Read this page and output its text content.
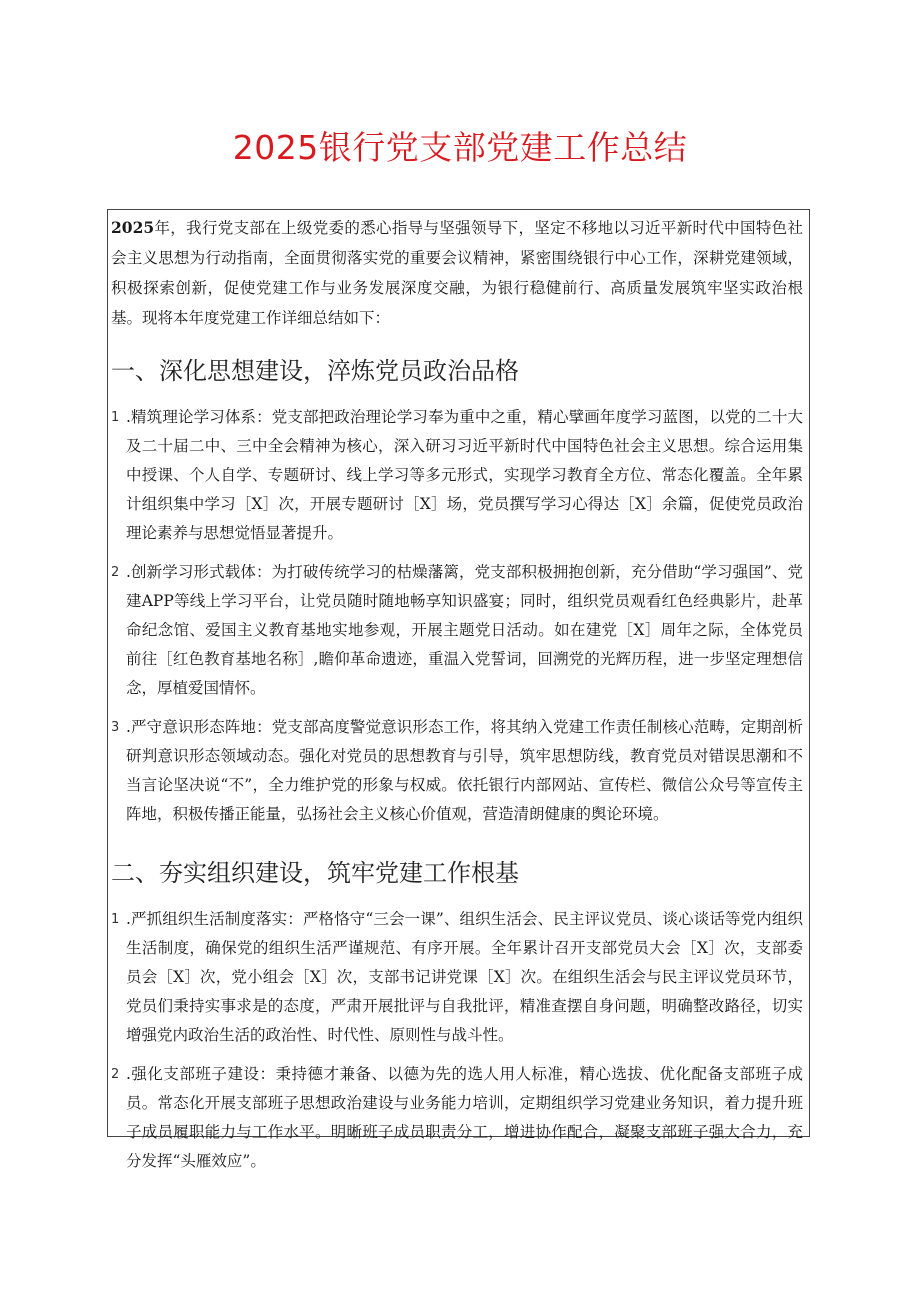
2025银行党支部党建工作总结

2025年，我行党支部在上级党委的悉心指导与坚强领导下，坚定不移地以习近平新时代中国特色社会主义思想为行动指南，全面贯彻落实党的重要会议精神，紧密围绕银行中心工作，深耕党建领域，积极探索创新，促使党建工作与业务发展深度交融，为银行稳健前行、高质量发展筑牢坚实政治根基。现将本年度党建工作详细总结如下：

一、深化思想建设，淬炼党员政治品格
1 .精筑理论学习体系：党支部把政治理论学习奉为重中之重，精心擘画年度学习蓝图，以党的二十大及二十届二中、三中全会精神为核心，深入研习习近平新时代中国特色社会主义思想。综合运用集中授课、个人自学、专题研讨、线上学习等多元形式，实现学习教育全方位、常态化覆盖。全年累计组织集中学习［X］次，开展专题研讨［X］场，党员撰写学习心得达［X］余篇，促使党员政治理论素养与思想觉悟显著提升。
2 .创新学习形式载体：为打破传统学习的枯燥藩篱，党支部积极拥抱创新，充分借助“学习强国”、党建APP等线上学习平台，让党员随时随地畅享知识盛宴；同时，组织党员观看红色经典影片，赴革命纪念馆、爱国主义教育基地实地参观，开展主题党日活动。如在建党［X］周年之际，全体党员前往［红色教育基地名称］,瞻仰革命遗迹，重温入党誓词，回溯党的光辉历程，进一步坚定理想信念，厚植爱国情怀。
3 .严守意识形态阵地：党支部高度警觉意识形态工作，将其纳入党建工作责任制核心范畴，定期剖析研判意识形态领域动态。强化对党员的思想教育与引导，筑牢思想防线，教育党员对错误思潮和不当言论坚决说“不”，全力维护党的形象与权威。依托银行内部网站、宣传栏、微信公众号等宣传主阵地，积极传播正能量，弘扬社会主义核心价值观，营造清朗健康的舆论环境。
二、夯实组织建设，筑牢党建工作根基
1 .严抓组织生活制度落实：严格恪守“三会一课”、组织生活会、民主评议党员、谈心谈话等党内组织生活制度，确保党的组织生活严谨规范、有序开展。全年累计召开支部党员大会［X］次，支部委员会［X］次，党小组会［X］次，支部书记讲党课［X］次。在组织生活会与民主评议党员环节，党员们秉持实事求是的态度，严肃开展批评与自我批评，精准查摆自身问题，明确整改路径，切实增强党内政治生活的政治性、时代性、原则性与战斗性。
2 .强化支部班子建设：秉持德才兼备、以德为先的选人用人标准，精心选拔、优化配备支部班子成员。常态化开展支部班子思想政治建设与业务能力培训，定期组织学习党建业务知识，着力提升班子成员履职能力与工作水平。明晰班子成员职责分工，增进协作配合，凝聚支部班子强大合力，充分发挥“头雁效应”。
